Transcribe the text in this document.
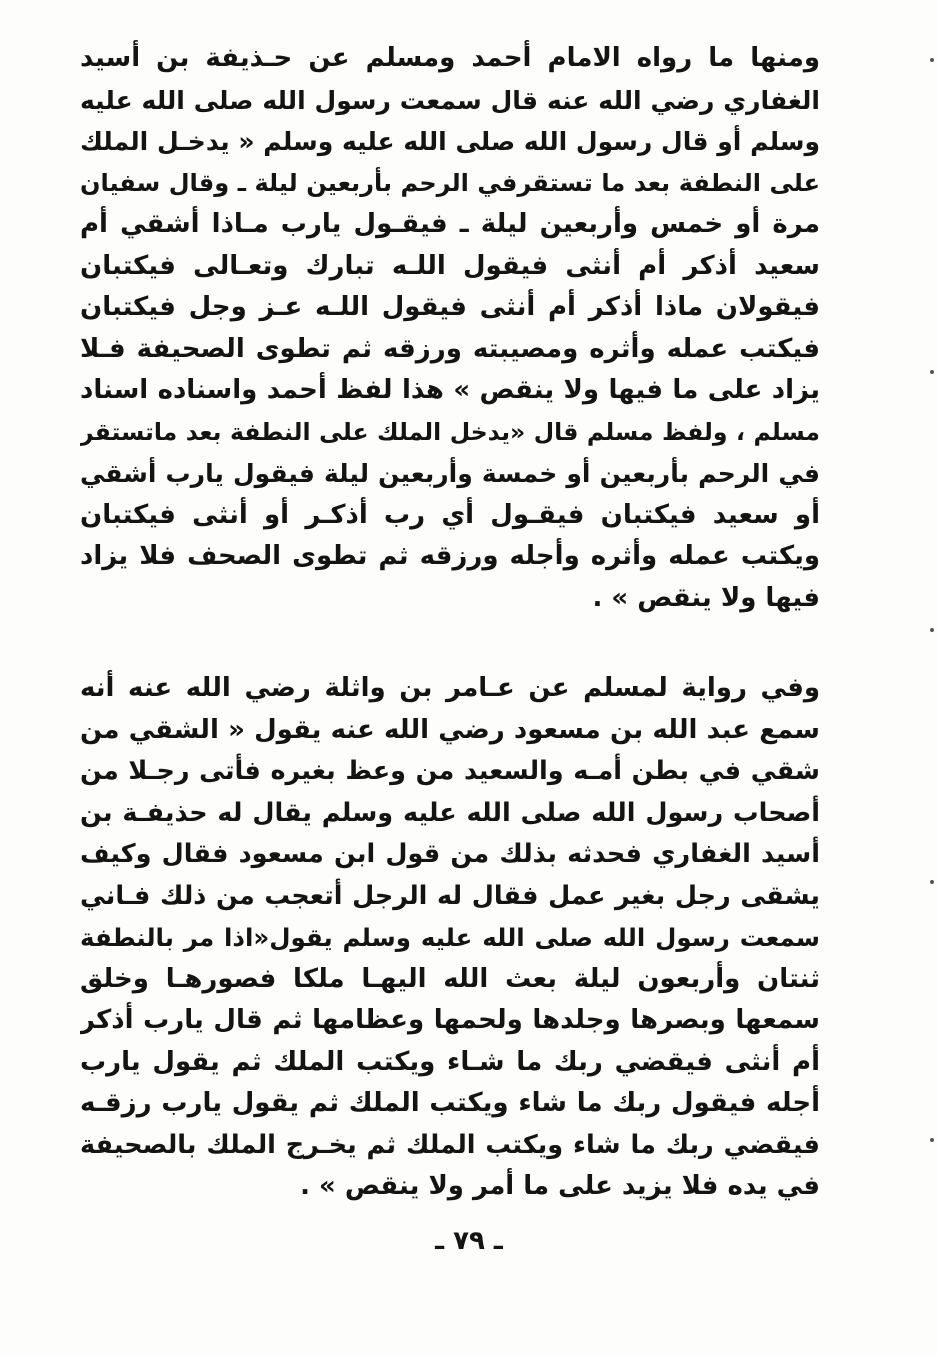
ومنها ما رواه الامام أحمد ومسلم عن حـذيفة بن أسيد
الغفاري رضي الله عنه قال سمعت رسول الله صلى الله عليه
وسلم أو قال رسول الله صلى الله عليه وسلم « يدخـل الملك
على النطفة بعد ما تستقرفي الرحم بأربعين ليلة ـ وقال سفيان
مرة أو خمس وأربعين ليلة ـ فيقـول يارب مـاذا أشقي أم
سعيد أذكر أم أنثى فيقول اللـه تبارك وتعـالى فيكتبان
فيقولان ماذا أذكر أم أنثى فيقول اللـه عـز وجل فيكتبان
فيكتب عمله وأثره ومصيبته ورزقه ثم تطوى الصحيفة فـلا
يزاد على ما فيها ولا ينقص » هذا لفظ أحمد واسناده اسناد
مسلم ، ولفظ مسلم قال «يدخل الملك على النطفة بعد ماتستقر
في الرحم بأربعين أو خمسة وأربعين ليلة فيقول يارب أشقي
أو سعيد فيكتبان فيقـول أي رب أذكـر أو أنثى فيكتبان
ويكتب عمله وأثره وأجله ورزقه ثم تطوى الصحف فلا يزاد
فيها ولا ينقص » .
وفي رواية لمسلم عن عـامر بن واثلة رضي الله عنه أنه
سمع عبد الله بن مسعود رضي الله عنه يقول « الشقي من
شقي في بطن أمـه والسعيد من وعظ بغيره فأتى رجـلا من
أصحاب رسول الله صلى الله عليه وسلم يقال له حذيفـة بن
أسيد الغفاري فحدثه بذلك من قول ابن مسعود فقال وكيف
يشقى رجل بغير عمل فقال له الرجل أتعجب من ذلك فـاني
سمعت رسول الله صلى الله عليه وسلم يقول«اذا مر بالنطفة
ثنتان وأربعون ليلة بعث الله اليهـا ملكا فصورهـا وخلق
سمعها وبصرها وجلدها ولحمها وعظامها ثم قال يارب أذكر
أم أنثى فيقضي ربك ما شـاء ويكتب الملك ثم يقول يارب
أجله فيقول ربك ما شاء ويكتب الملك ثم يقول يارب رزقـه
فيقضي ربك ما شاء ويكتب الملك ثم يخـرج الملك بالصحيفة
في يده فلا يزيد على ما أمر ولا ينقص » .
ـ ٧٩ ـ
